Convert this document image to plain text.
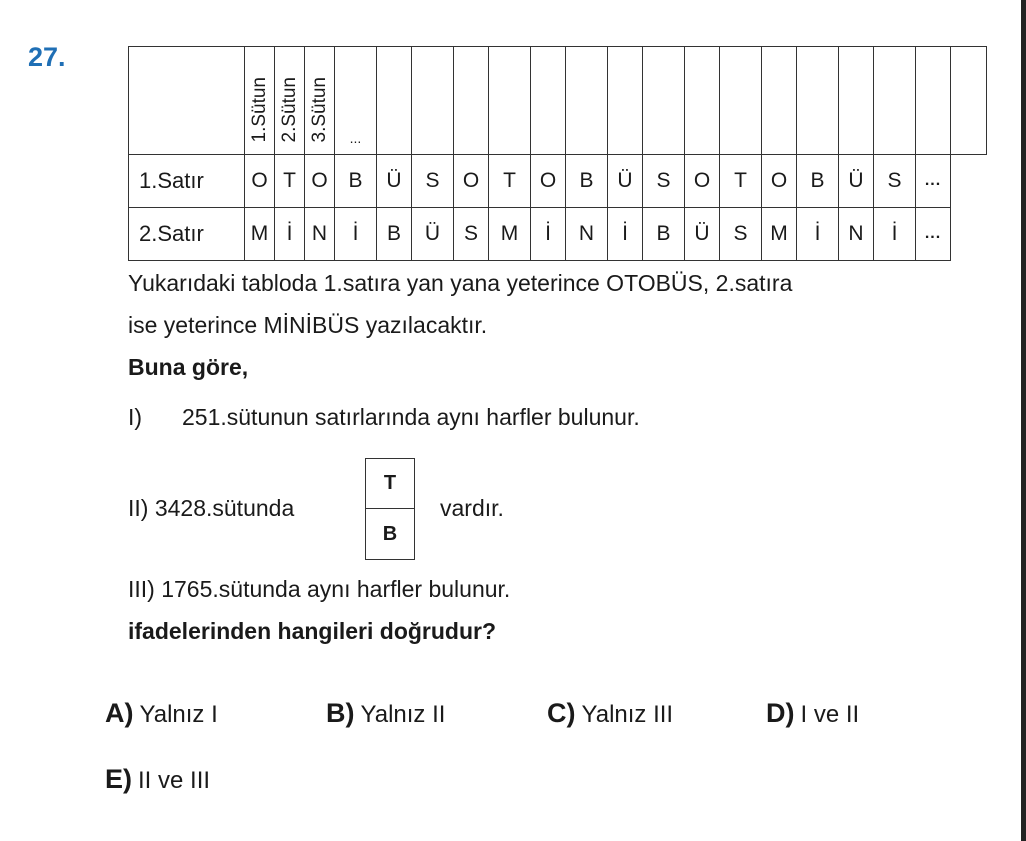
27.
	1.Sütun	2.Sütun	3.Sütun	...																
1.Satır	O	T	O	B	Ü	S	O	T	O	B	Ü	S	O	T	O	B	Ü	S	...	
2.Satır	M	İ	N	İ	B	Ü	S	M	İ	N	İ	B	Ü	S	M	İ	N	İ	...	
Yukarıdaki tabloda 1.satıra yan yana yeterince OTOBÜS, 2.satıra
ise yeterince MİNİBÜS yazılacaktır.
Buna göre,
I) 251.sütunun satırlarında aynı harfler bulunur.
II) 3428.sütunda
T
B
vardır.
III) 1765.sütunda aynı harfler bulunur.
ifadelerinden hangileri doğrudur?
A) Yalnız I	B) Yalnız II	C) Yalnız III	D) I ve II
E) II ve III
